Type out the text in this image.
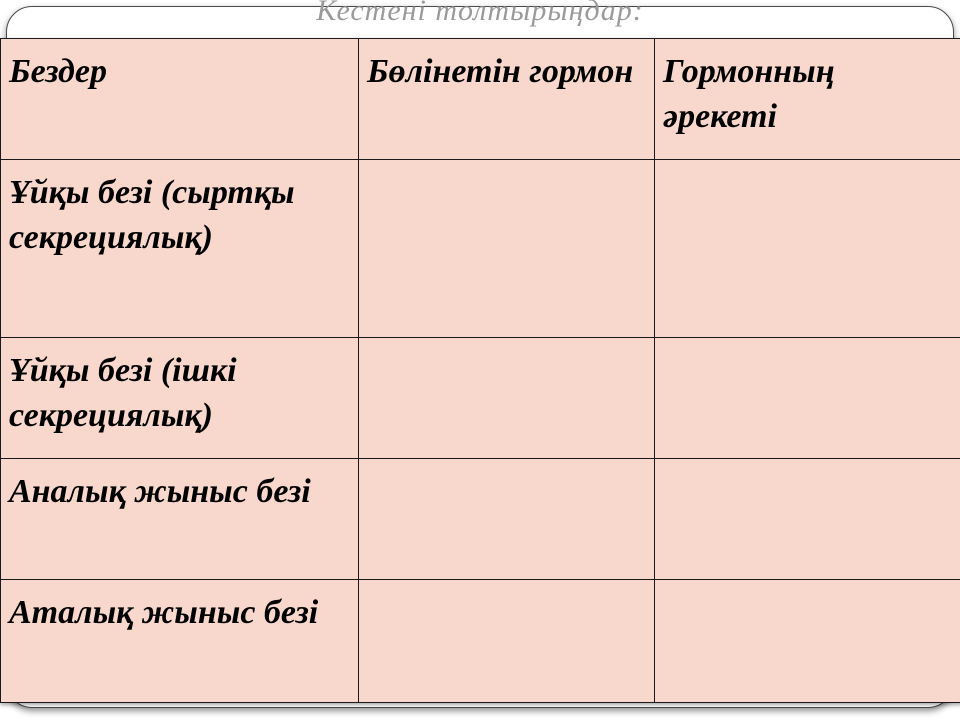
Кестені толтырыңдар:
Бездер	Бөлінетін гормон	Гормонның әрекеті
Ұйқы безі (сыртқы секрециялық)		
Ұйқы безі (ішкі секрециялық)		
Аналық жыныс безі		
Аталық жыныс безі		
